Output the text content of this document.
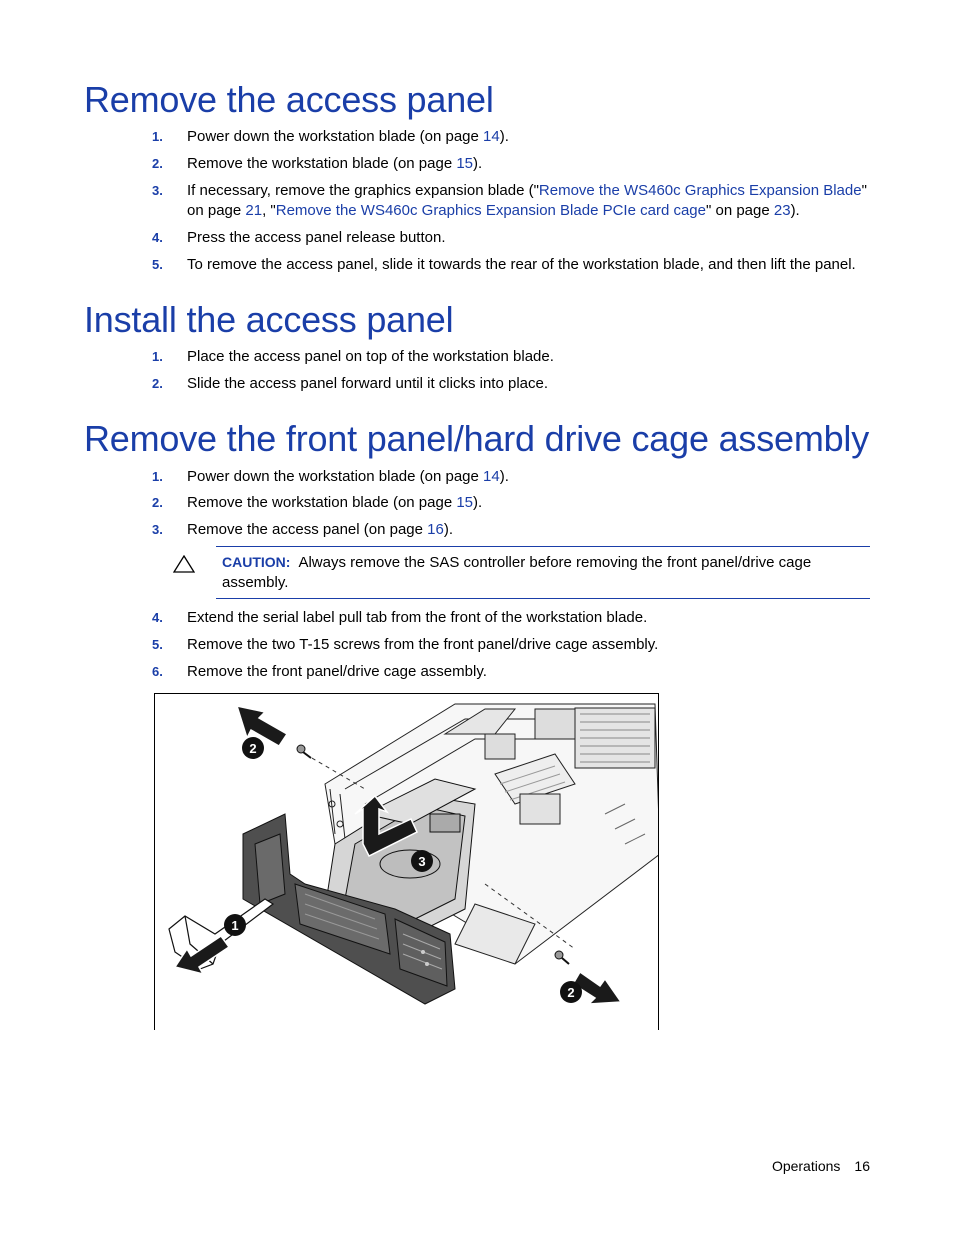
Remove the access panel
1. Power down the workstation blade (on page 14).
2. Remove the workstation blade (on page 15).
3. If necessary, remove the graphics expansion blade ("Remove the WS460c Graphics Expansion Blade"
on page 21, "Remove the WS460c Graphics Expansion Blade PCIe card cage" on page 23).
4. Press the access panel release button.
5. To remove the access panel, slide it towards the rear of the workstation blade, and then lift the panel.
Install the access panel
1. Place the access panel on top of the workstation blade.
2. Slide the access panel forward until it clicks into place.
Remove the front panel/hard drive cage assembly
1. Power down the workstation blade (on page 14).
2. Remove the workstation blade (on page 15).
3. Remove the access panel (on page 16).
CAUTION: Always remove the SAS controller before removing the front panel/drive cage assembly.
4. Extend the serial label pull tab from the front of the workstation blade.
5. Remove the two T-15 screws from the front panel/drive cage assembly.
6. Remove the front panel/drive cage assembly.
2
3
1
2
Operations 16
